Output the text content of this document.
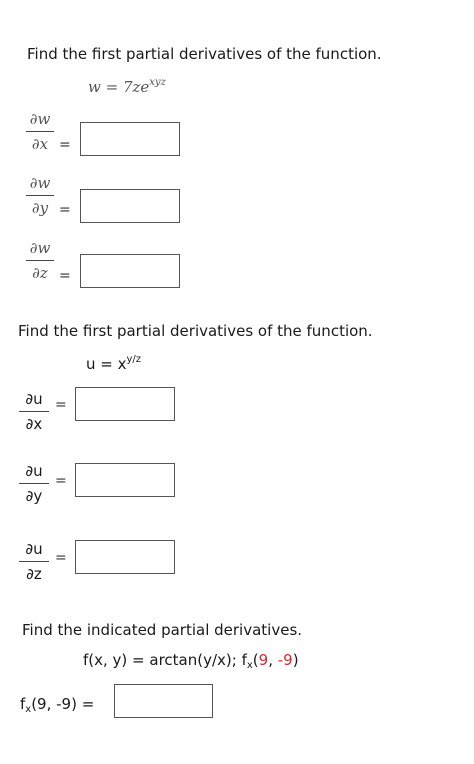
Find the first partial derivatives of the function.
$w = 7ze^{xyz}$
∂w
∂x =
∂w
∂y =
∂w
∂z =
Find the first partial derivatives of the function.
$u = x^{y/z}$
∂u
∂x
=
∂u
∂y
=
∂u
∂z
=
Find the indicated partial derivatives.
f(x, y) = arctan(y/x); $f_x(9$, -9)
$f_x(9$, -9) =
